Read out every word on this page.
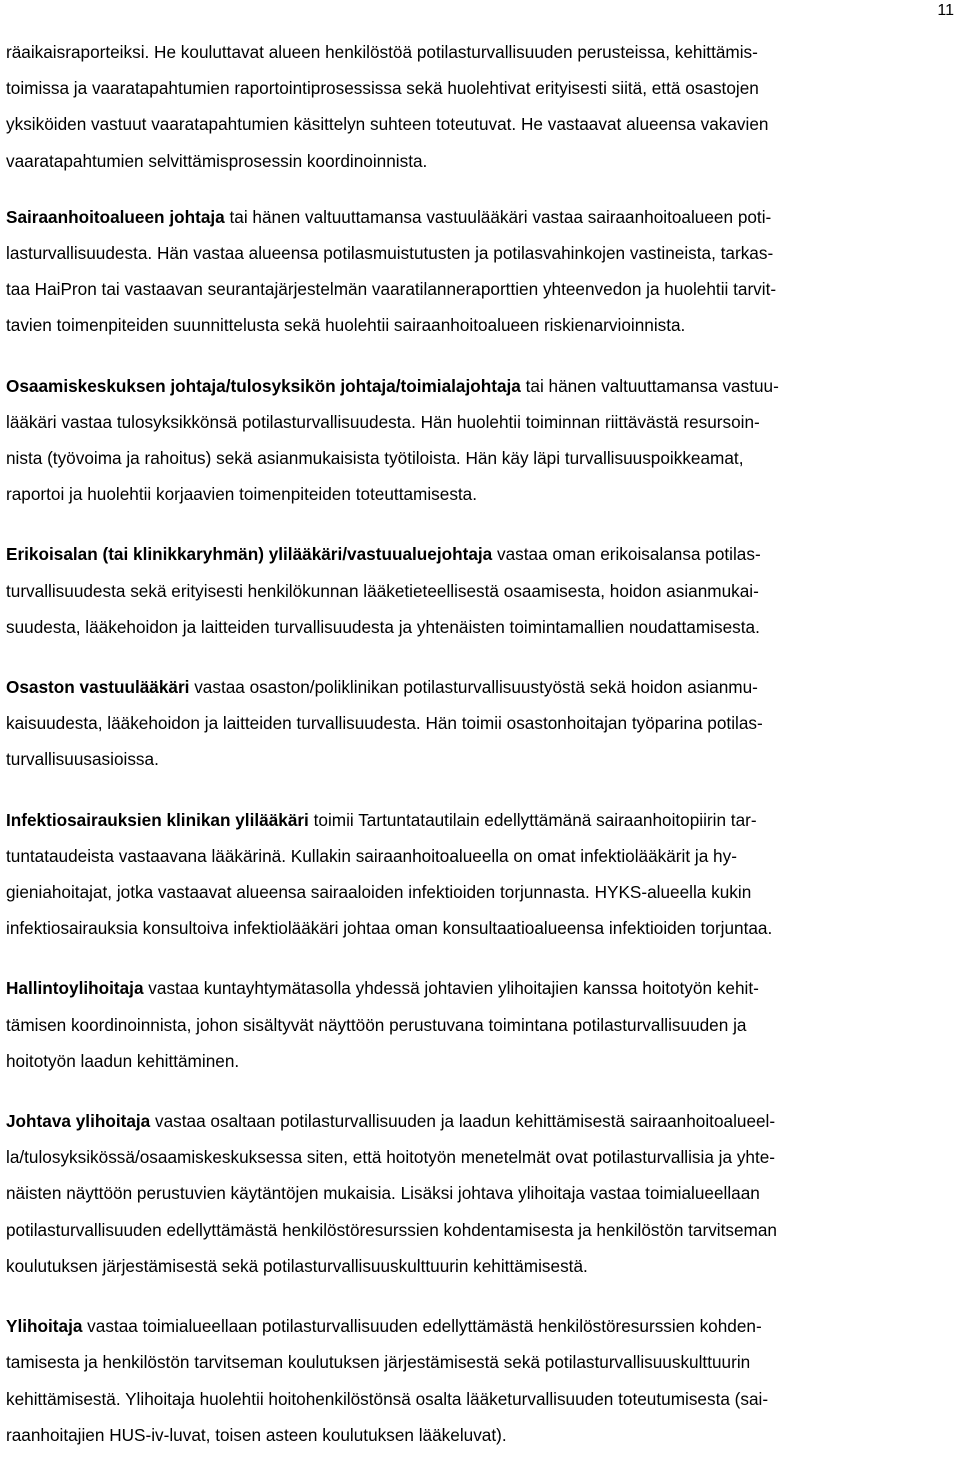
11
räaikaisraporteiksi. He kouluttavat alueen henkilöstöä potilasturvallisuuden perusteissa, kehittämis-
toimissa ja vaaratapahtumien raportointiprosessissa sekä huolehtivat erityisesti siitä, että osastojen
yksiköiden vastuut vaaratapahtumien käsittelyn suhteen toteutuvat. He vastaavat alueensa vakavien
vaaratapahtumien selvittämisprosessin koordinoinnista.
Sairaanhoitoalueen johtaja tai hänen valtuuttamansa vastuulääkäri vastaa sairaanhoitoalueen poti-
lasturvallisuudesta. Hän vastaa alueensa potilasmuistutusten ja potilasvahinkojen vastineista, tarkas-
taa HaiPron tai vastaavan seurantajärjestelmän vaaratilanneraporttien yhteenvedon ja huolehtii tarvit-
tavien toimenpiteiden suunnittelusta sekä huolehtii sairaanhoitoalueen riskienarvioinnista.
Osaamiskeskuksen johtaja/tulosyksikön johtaja/toimialajohtaja tai hänen valtuuttamansa vastuu-
lääkäri vastaa tulosyksikkönsä potilasturvallisuudesta. Hän huolehtii toiminnan riittävästä resursoin-
nista (työvoima ja rahoitus) sekä asianmukaisista työtiloista. Hän käy läpi turvallisuuspoikkeamat,
raportoi ja huolehtii korjaavien toimenpiteiden toteuttamisesta.
Erikoisalan (tai klinikkaryhmän) ylilääkäri/vastuualuejohtaja vastaa oman erikoisalansa potilas-
turvallisuudesta sekä erityisesti henkilökunnan lääketieteellisestä osaamisesta, hoidon asianmukai-
suudesta, lääkehoidon ja laitteiden turvallisuudesta ja yhtenäisten toimintamallien noudattamisesta.
Osaston vastuulääkäri vastaa osaston/poliklinikan potilasturvallisuustyöstä sekä hoidon asianmu-
kaisuudesta, lääkehoidon ja laitteiden turvallisuudesta. Hän toimii osastonhoitajan työparina potilas-
turvallisuusasioissa.
Infektiosairauksien klinikan ylilääkäri toimii Tartuntatautilain edellyttämänä sairaanhoitopiirin tar-
tuntataudeista vastaavana lääkärinä. Kullakin sairaanhoitoalueella on omat infektiolääkärit ja hy-
gieniahoitajat, jotka vastaavat alueensa sairaaloiden infektioiden torjunnasta. HYKS-alueella kukin
infektiosairauksia konsultoiva infektiolääkäri johtaa oman konsultaatioalueensa infektioiden torjuntaa.
Hallintoylihoitaja vastaa kuntayhtymätasolla yhdessä johtavien ylihoitajien kanssa hoitotyön kehit-
tämisen koordinoinnista, johon sisältyvät näyttöön perustuvana toimintana potilasturvallisuuden ja
hoitotyön laadun kehittäminen.
Johtava ylihoitaja vastaa osaltaan potilasturvallisuuden ja laadun kehittämisestä sairaanhoitoalueel-
la/tulosyksikössä/osaamiskeskuksessa siten, että hoitotyön menetelmät ovat potilasturvallisia ja yhte-
näisten näyttöön perustuvien käytäntöjen mukaisia. Lisäksi johtava ylihoitaja vastaa toimialueellaan
potilasturvallisuuden edellyttämästä henkilöstöresurssien kohdentamisesta ja henkilöstön tarvitseman
koulutuksen järjestämisestä sekä potilasturvallisuuskulttuurin kehittämisestä.
Ylihoitaja vastaa toimialueellaan potilasturvallisuuden edellyttämästä henkilöstöresurssien kohden-
tamisesta ja henkilöstön tarvitseman koulutuksen järjestämisestä sekä potilasturvallisuuskulttuurin
kehittämisestä. Ylihoitaja huolehtii hoitohenkilöstönsä osalta lääketurvallisuuden toteutumisesta (sai-
raanhoitajien HUS-iv-luvat, toisen asteen koulutuksen lääkeluvat).
